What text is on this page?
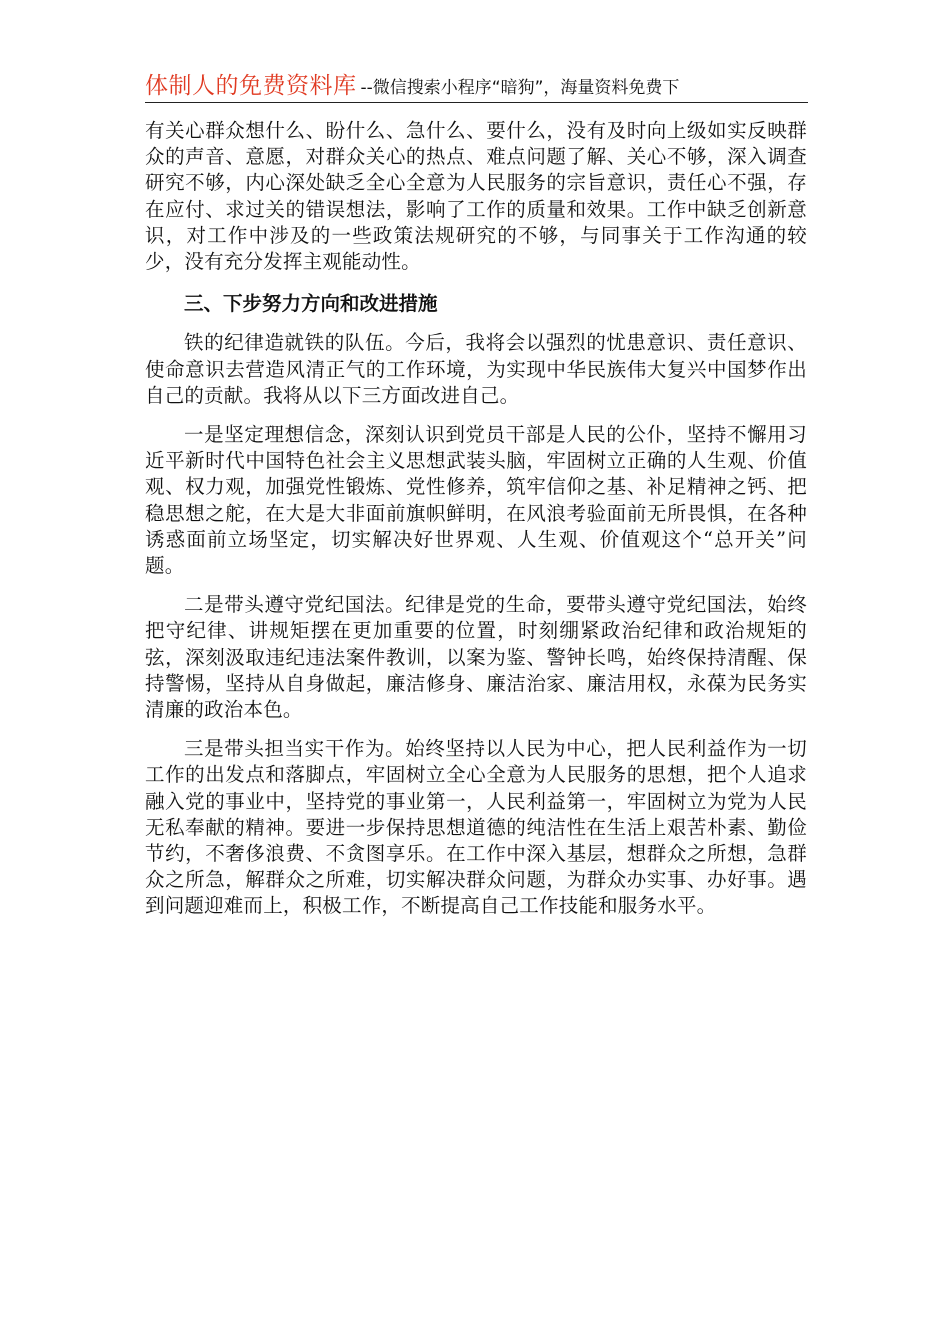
体制人的免费资料库 --微信搜索小程序“暗狗”，海量资料免费下

有关心群众想什么、盼什么、急什么、要什么，没有及时向上级如实反映群众的声音、意愿，对群众关心的热点、难点问题了解、关心不够，深入调查研究不够，内心深处缺乏全心全意为人民服务的宗旨意识，责任心不强，存在应付、求过关的错误想法，影响了工作的质量和效果。工作中缺乏创新意识，对工作中涉及的一些政策法规研究的不够，与同事关于工作沟通的较少，没有充分发挥主观能动性。

三、下步努力方向和改进措施

铁的纪律造就铁的队伍。今后，我将会以强烈的忧患意识、责任意识、使命意识去营造风清正气的工作环境，为实现中华民族伟大复兴中国梦作出自己的贡献。我将从以下三方面改进自己。

一是坚定理想信念，深刻认识到党员干部是人民的公仆，坚持不懈用习近平新时代中国特色社会主义思想武装头脑，牢固树立正确的人生观、价值观、权力观，加强党性锻炼、党性修养，筑牢信仰之基、补足精神之钙、把稳思想之舵，在大是大非面前旗帜鲜明，在风浪考验面前无所畏惧，在各种诱惑面前立场坚定，切实解决好世界观、人生观、价值观这个“总开关”问题。

二是带头遵守党纪国法。纪律是党的生命，要带头遵守党纪国法，始终把守纪律、讲规矩摆在更加重要的位置，时刻绷紧政治纪律和政治规矩的弦，深刻汲取违纪违法案件教训，以案为鉴、警钟长鸣，始终保持清醒、保持警惕，坚持从自身做起，廉洁修身、廉洁治家、廉洁用权，永葆为民务实清廉的政治本色。

三是带头担当实干作为。始终坚持以人民为中心，把人民利益作为一切工作的出发点和落脚点，牢固树立全心全意为人民服务的思想，把个人追求融入党的事业中，坚持党的事业第一，人民利益第一，牢固树立为党为人民无私奉献的精神。要进一步保持思想道德的纯洁性在生活上艰苦朴素、勤俭节约，不奢侈浪费、不贪图享乐。在工作中深入基层，想群众之所想，急群众之所急，解群众之所难，切实解决群众问题，为群众办实事、办好事。遇到问题迎难而上，积极工作，不断提高自己工作技能和服务水平。
